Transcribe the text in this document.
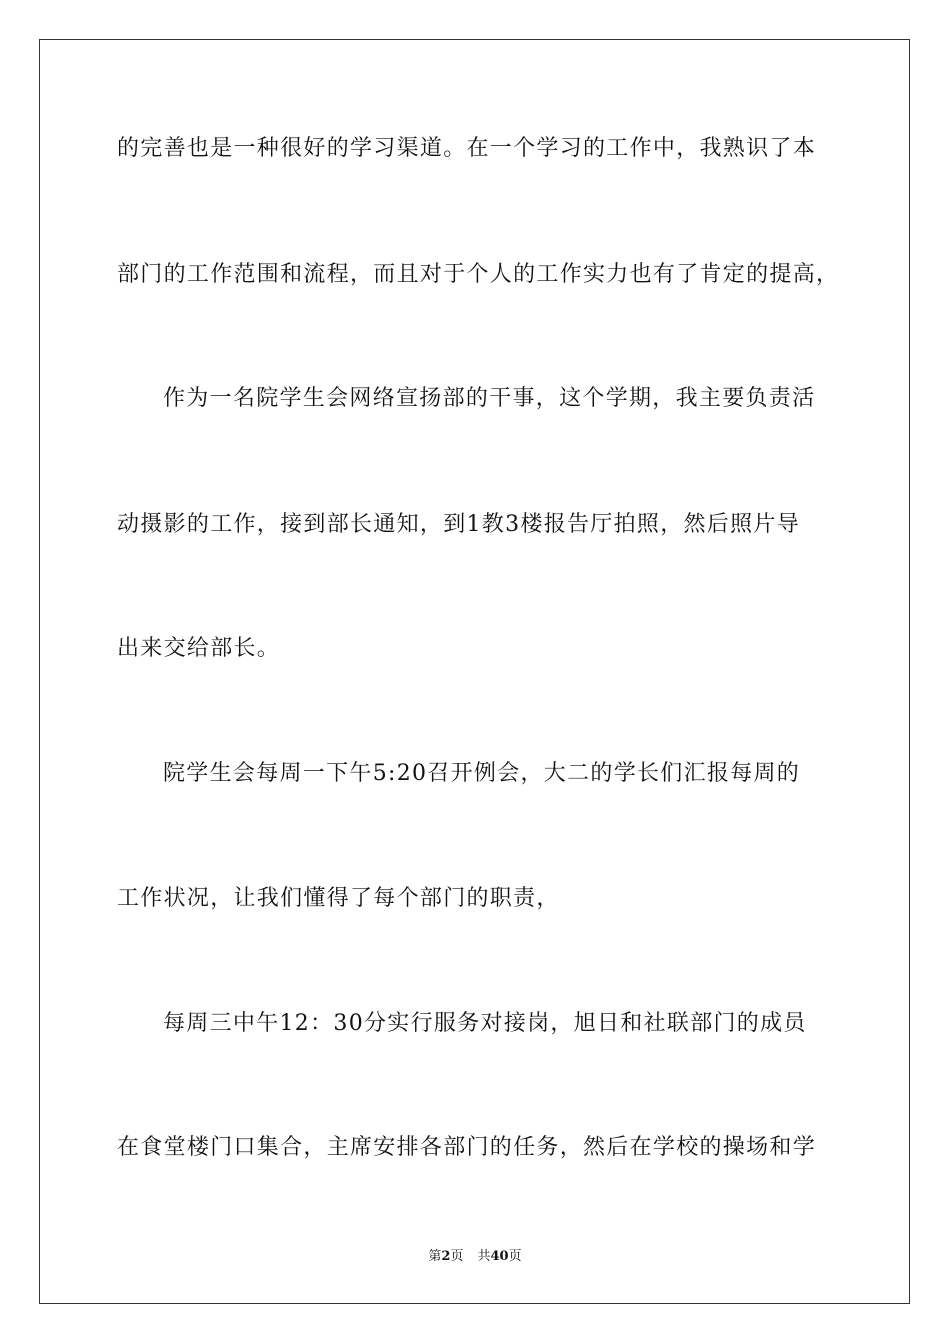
的完善也是一种很好的学习渠道。在一个学习的工作中，我熟识了本
部门的工作范围和流程，而且对于个人的工作实力也有了肯定的提高，
作为一名院学生会网络宣扬部的干事，这个学期，我主要负责活
动摄影的工作，接到部长通知，到1教3楼报告厅拍照，然后照片导
出来交给部长。
院学生会每周一下午5:20召开例会，大二的学长们汇报每周的
工作状况，让我们懂得了每个部门的职责，
每周三中午12：30分实行服务对接岗，旭日和社联部门的成员
在食堂楼门口集合，主席安排各部门的任务，然后在学校的操场和学
第2页 共40页
